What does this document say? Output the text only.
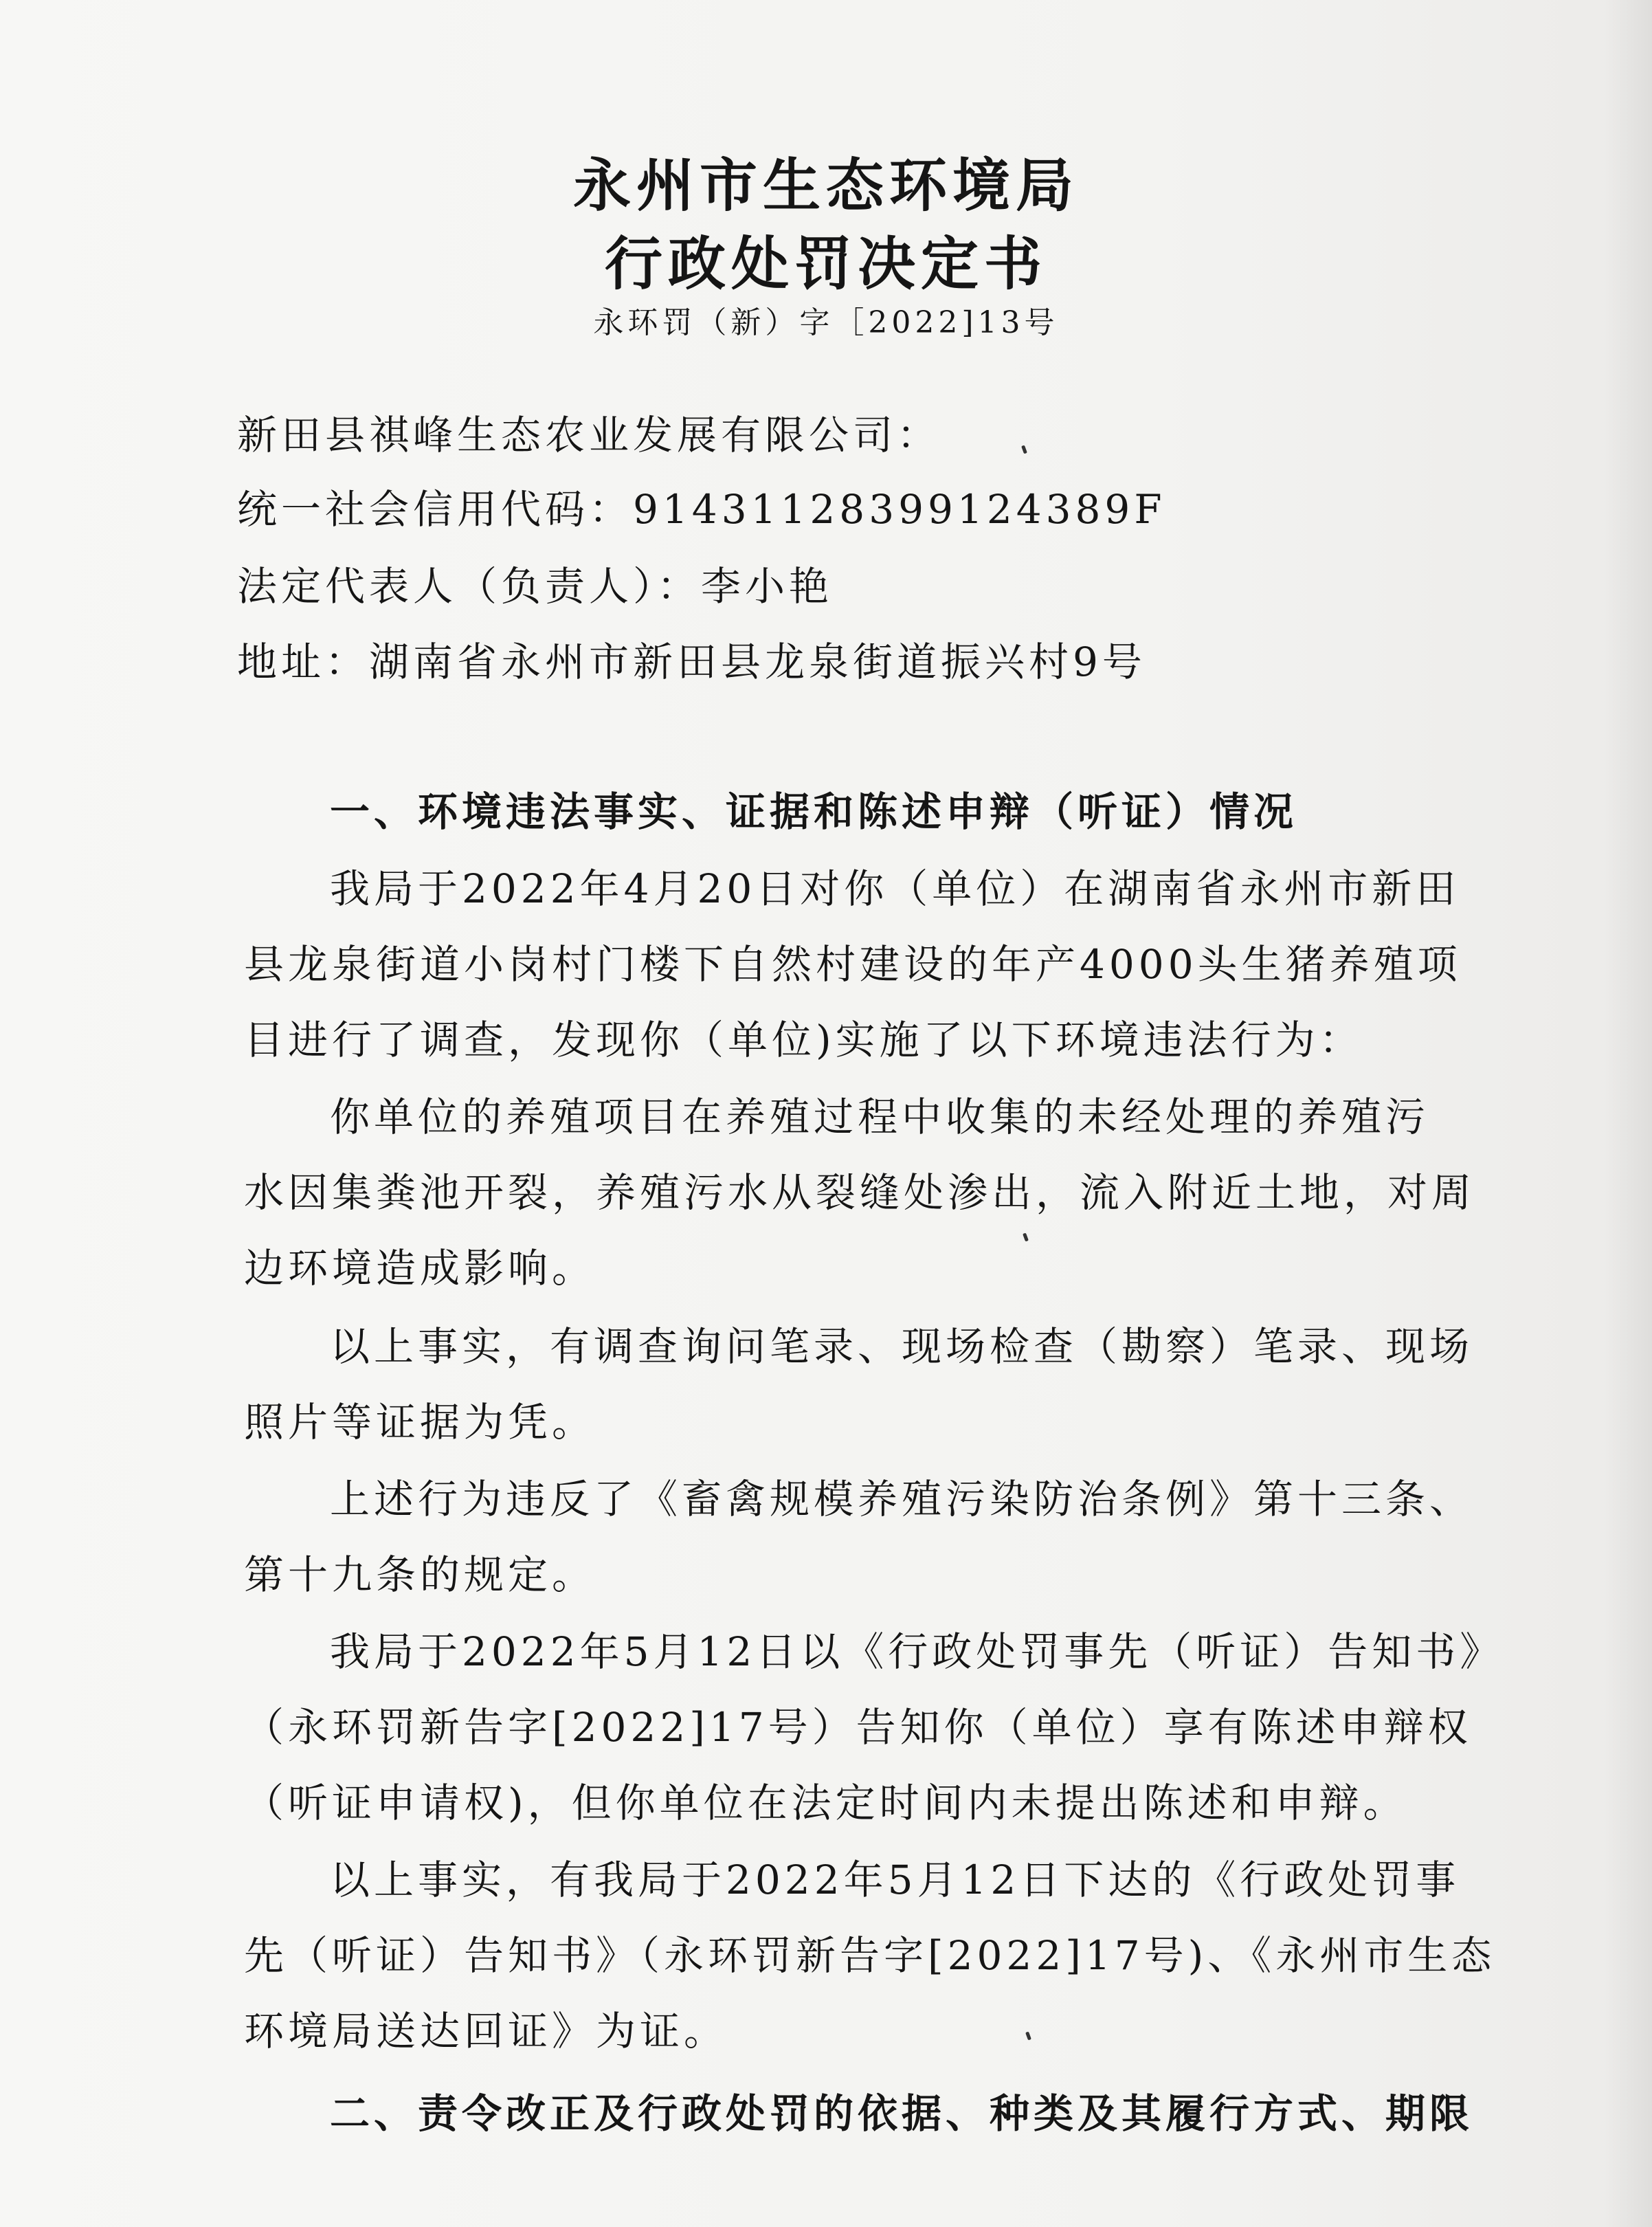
永州市生态环境局
行政处罚决定书
永环罚（新）字［2022]13号
新田县祺峰生态农业发展有限公司：
统一社会信用代码：91431128399124389F
法定代表人（负责人）：李小艳
地址：湖南省永州市新田县龙泉街道振兴村9号
一、环境违法事实、证据和陈述申辩（听证）情况
我局于2022年4月20日对你（单位）在湖南省永州市新田
县龙泉街道小岗村门楼下自然村建设的年产4000头生猪养殖项
目进行了调查，发现你（单位)实施了以下环境违法行为：
你单位的养殖项目在养殖过程中收集的未经处理的养殖污
水因集粪池开裂，养殖污水从裂缝处渗出，流入附近土地，对周
边环境造成影响。
以上事实，有调查询问笔录、现场检查（勘察）笔录、现场
照片等证据为凭。
上述行为违反了《畜禽规模养殖污染防治条例》第十三条、
第十九条的规定。
我局于2022年5月12日以《行政处罚事先（听证）告知书》
（永环罚新告字[2022]17号）告知你（单位）享有陈述申辩权
（听证申请权)，但你单位在法定时间内未提出陈述和申辩。
以上事实，有我局于2022年5月12日下达的《行政处罚事
先（听证）告知书》（永环罚新告字[2022]17号)、《永州市生态
环境局送达回证》为证。
二、责令改正及行政处罚的依据、种类及其履行方式、期限
